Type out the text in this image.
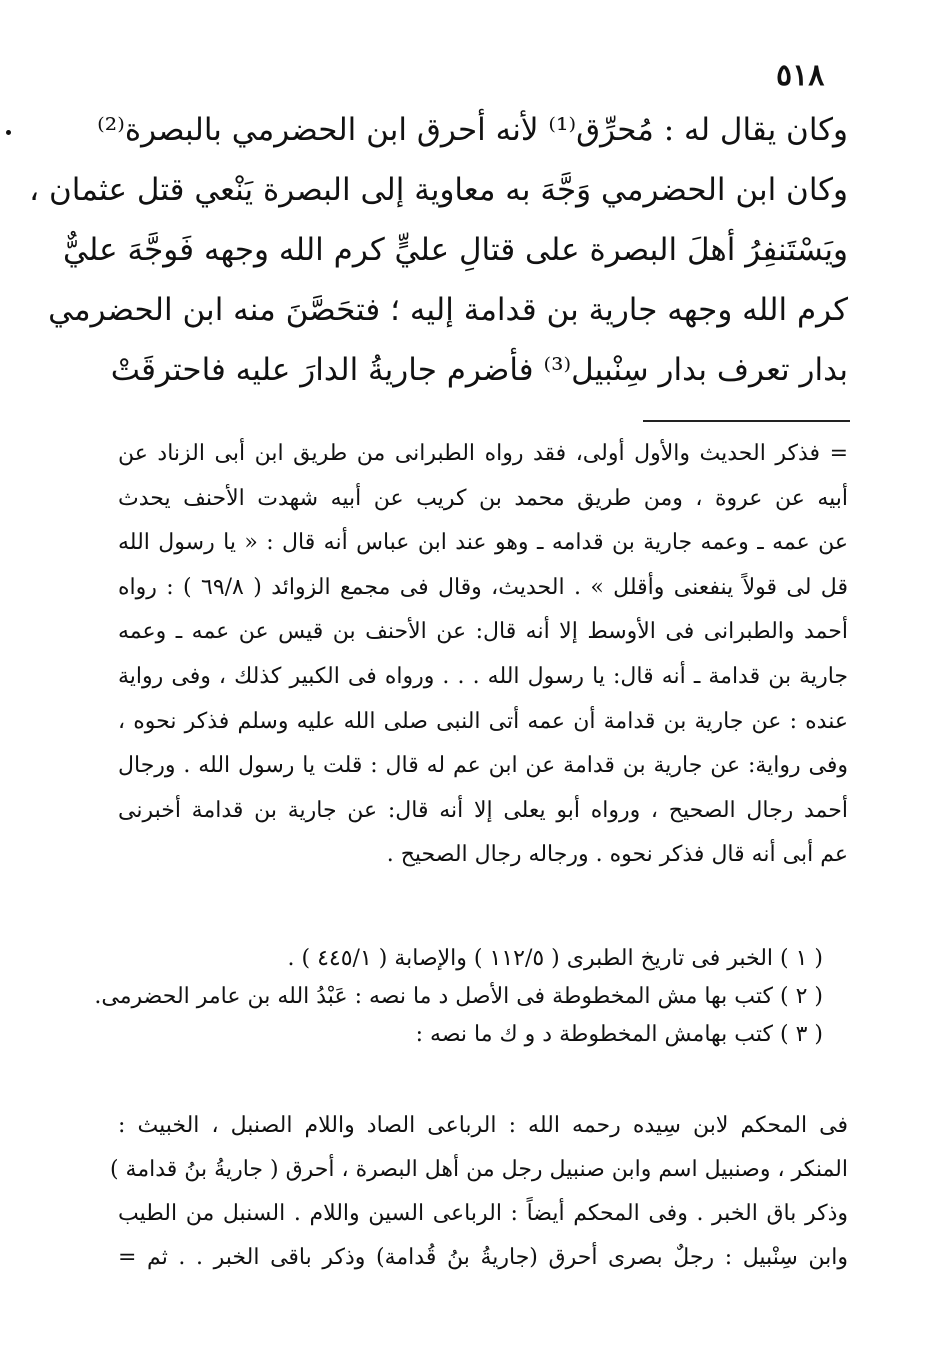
٥١٨
وكان يقال له : مُحرِّق⁽¹⁾ لأنه أحرق ابن الحضرمي بالبصرة⁽²⁾
وكان ابن الحضرمي وَجَّهَ به معاوية إلى البصرة يَنْعي قتل عثمان ،
ويَسْتَنفِرُ أهلَ البصرة على قتالِ عليٍّ كرم الله وجهه فَوجَّهَ عليٌّ
كرم الله وجهه جارية بن قدامة إليه ؛ فتحَصَّنَ منه ابن الحضرمي
بدار تعرف بدار سِنْبيل⁽³⁾ فأضرم جاريةُ الدارَ عليه فاحترقَتْ
= فذكر الحديث والأول أولى، فقد رواه الطبرانى من طريق ابن أبى الزناد عن
أبيه عن عروة ، ومن طريق محمد بن كريب عن أبيه شهدت الأحنف يحدث
عن عمه ـ وعمه جارية بن قدامه ـ وهو عند ابن عباس أنه قال : « يا رسول الله
قل لى قولاً ينفعنى وأقلل » . الحديث، وقال فى مجمع الزوائد ( ٦٩/٨ ) : رواه
أحمد والطبرانى فى الأوسط إلا أنه قال: عن الأحنف بن قيس عن عمه ـ وعمه
جارية بن قدامة ـ أنه قال: يا رسول الله . . . ورواه فى الكبير كذلك ، وفى رواية
عنده : عن جارية بن قدامة أن عمه أتى النبى صلى الله عليه وسلم فذكر نحوه ،
وفى رواية: عن جارية بن قدامة عن ابن عم له قال : قلت يا رسول الله . ورجال
أحمد رجال الصحيح ، ورواه أبو يعلى إلا أنه قال: عن جارية بن قدامة أخبرنى
عم أبى أنه قال فذكر نحوه . ورجاله رجال الصحيح .
( ١ ) الخبر فى تاريخ الطبرى ( ١١٢/٥ ) والإصابة ( ٤٤٥/١ ) .
( ٢ ) كتب بها مش المخطوطة فى الأصل د ما نصه : عَبْدُ الله بن عامر الحضرمى.
( ٣ ) كتب بهامش المخطوطة د و ك ما نصه :
فى المحكم لابن سِيده رحمه الله : الرباعى الصاد واللام الصنبل ، الخبيث :
المنكر ، وصنبيل اسم وابن صنبيل رجل من أهل البصرة ، أحرق ( جاريةُ بنُ قدامة )
وذكر باق الخبر . وفى المحكم أيضاً : الرباعى السين واللام . السنبل من الطيب
وابن سِنْبيل : رجلٌ بصرى أحرق (جاريةُ بنُ قُدامة) وذكر باقى الخبر . . ثم =
